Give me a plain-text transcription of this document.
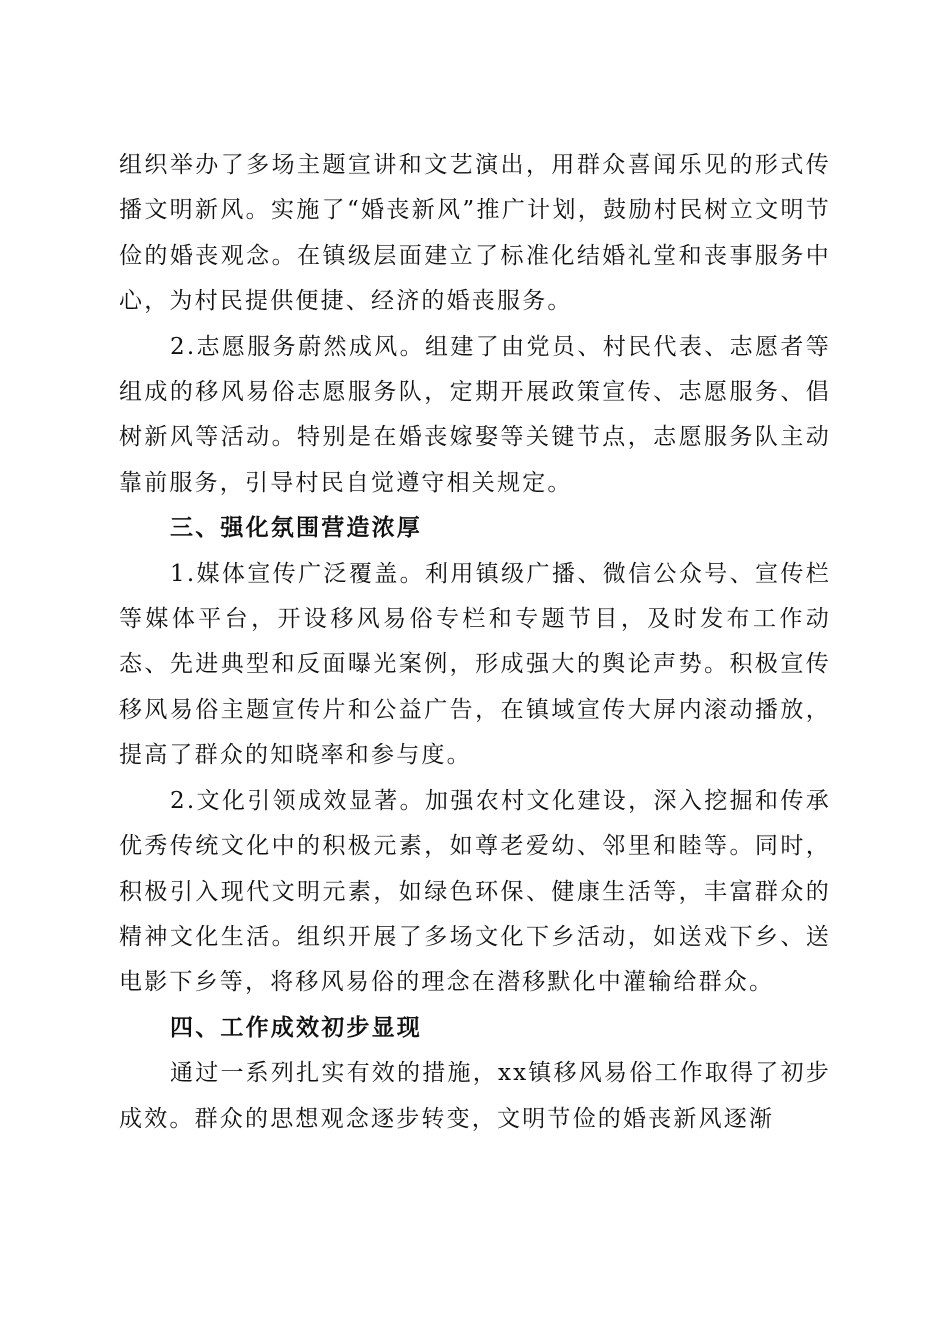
组织举办了多场主题宣讲和文艺演出，用群众喜闻乐见的形式传播文明新风。实施了“婚丧新风”推广计划，鼓励村民树立文明节俭的婚丧观念。在镇级层面建立了标准化结婚礼堂和丧事服务中心，为村民提供便捷、经济的婚丧服务。

2.志愿服务蔚然成风。组建了由党员、村民代表、志愿者等组成的移风易俗志愿服务队，定期开展政策宣传、志愿服务、倡树新风等活动。特别是在婚丧嫁娶等关键节点，志愿服务队主动靠前服务，引导村民自觉遵守相关规定。

三、强化氛围营造浓厚

1.媒体宣传广泛覆盖。利用镇级广播、微信公众号、宣传栏等媒体平台，开设移风易俗专栏和专题节目，及时发布工作动态、先进典型和反面曝光案例，形成强大的舆论声势。积极宣传移风易俗主题宣传片和公益广告，在镇域宣传大屏内滚动播放，提高了群众的知晓率和参与度。

2.文化引领成效显著。加强农村文化建设，深入挖掘和传承优秀传统文化中的积极元素，如尊老爱幼、邻里和睦等。同时，积极引入现代文明元素，如绿色环保、健康生活等，丰富群众的精神文化生活。组织开展了多场文化下乡活动，如送戏下乡、送电影下乡等，将移风易俗的理念在潜移默化中灌输给群众。

四、工作成效初步显现

通过一系列扎实有效的措施，xx镇移风易俗工作取得了初步成效。群众的思想观念逐步转变，文明节俭的婚丧新风逐渐
